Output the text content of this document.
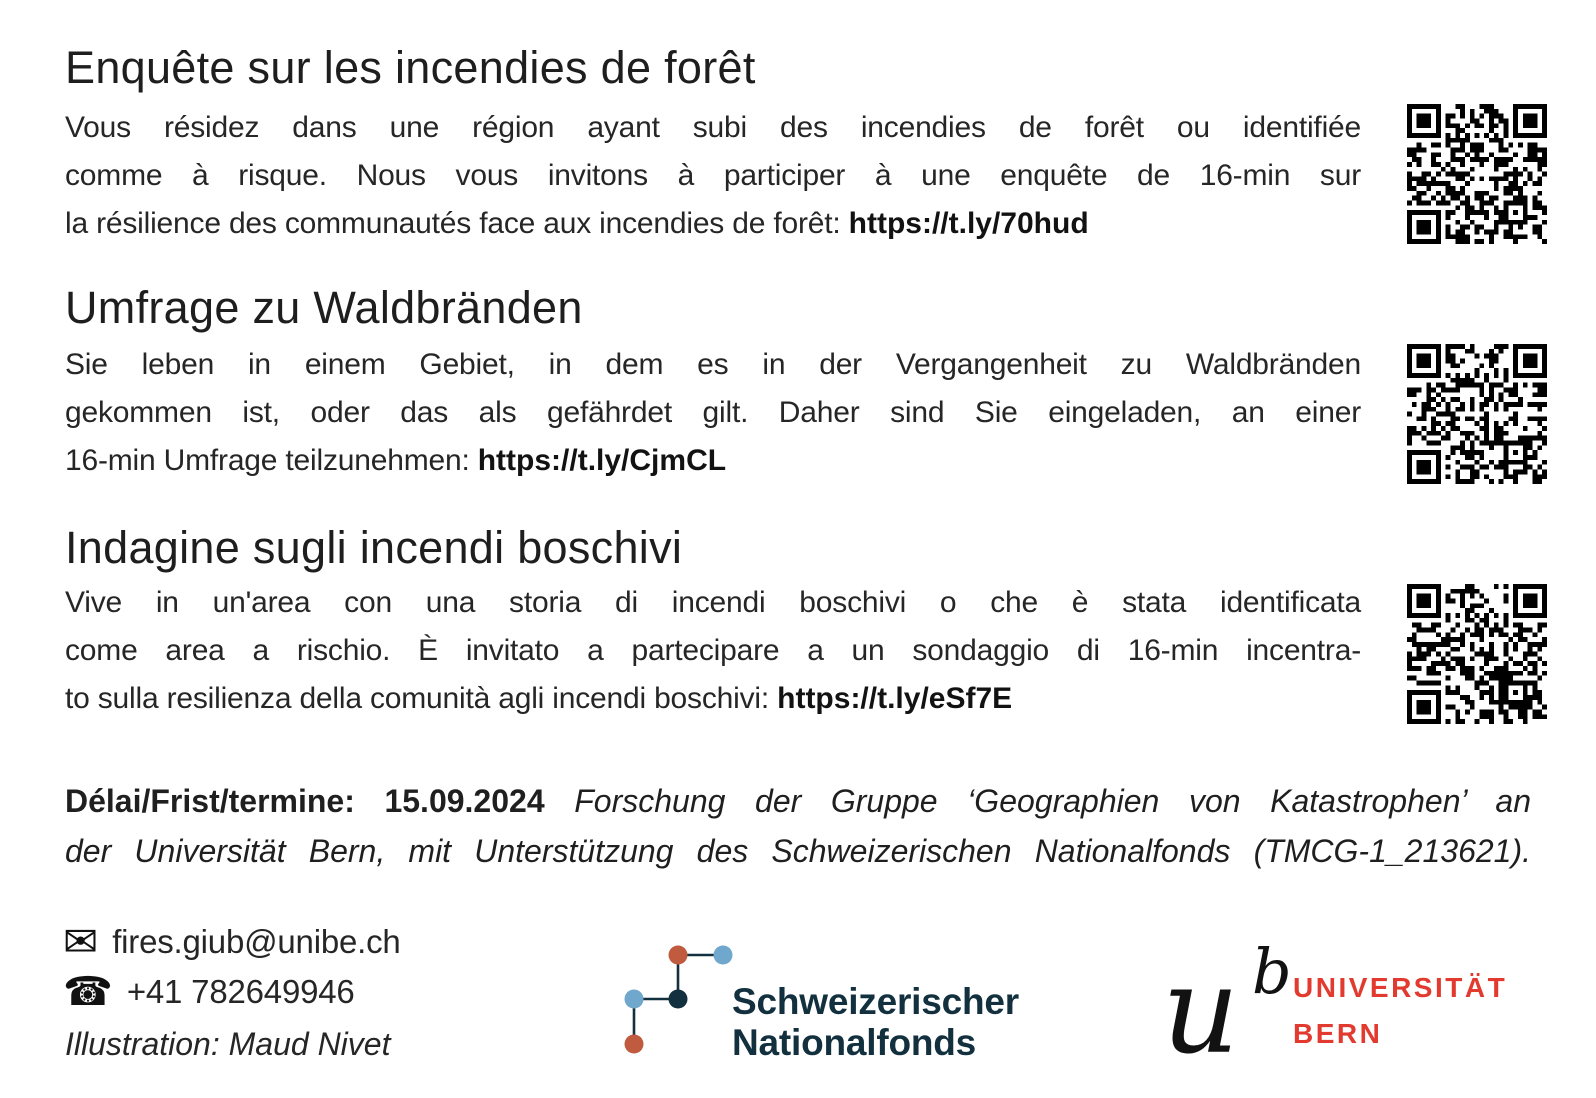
Enquête sur les incendies de forêt
Vous résidez dans une région ayant subi des incendies de forêt ou identifiée
comme à risque. Nous vous invitons à participer à une enquête de 16-min sur
la résilience des communautés face aux incendies de forêt: https://t.ly/70hud
Umfrage zu Waldbränden
Sie leben in einem Gebiet, in dem es in der Vergangenheit zu Waldbränden
gekommen ist, oder das als gefährdet gilt. Daher sind Sie eingeladen, an einer
16-min Umfrage teilzunehmen: https://t.ly/CjmCL
Indagine sugli incendi boschivi
Vive in un'area con una storia di incendi boschivi o che è stata identificata
come area a rischio. È invitato a partecipare a un sondaggio di 16-min incentra-
to sulla resilienza della comunità agli incendi boschivi: https://t.ly/eSf7E
Délai/Frist/termine: 15.09.2024 Forschung der Gruppe ‘Geographien von Katastrophen’ an
der Universität Bern, mit Unterstützung des Schweizerischen Nationalfonds (TMCG-1_213621).
✉ fires.giub@unibe.ch
☎ +41 782649946
Illustration: Maud Nivet
Schweizerischer
Nationalfonds	u b UNIVERSITÄT
BERN
